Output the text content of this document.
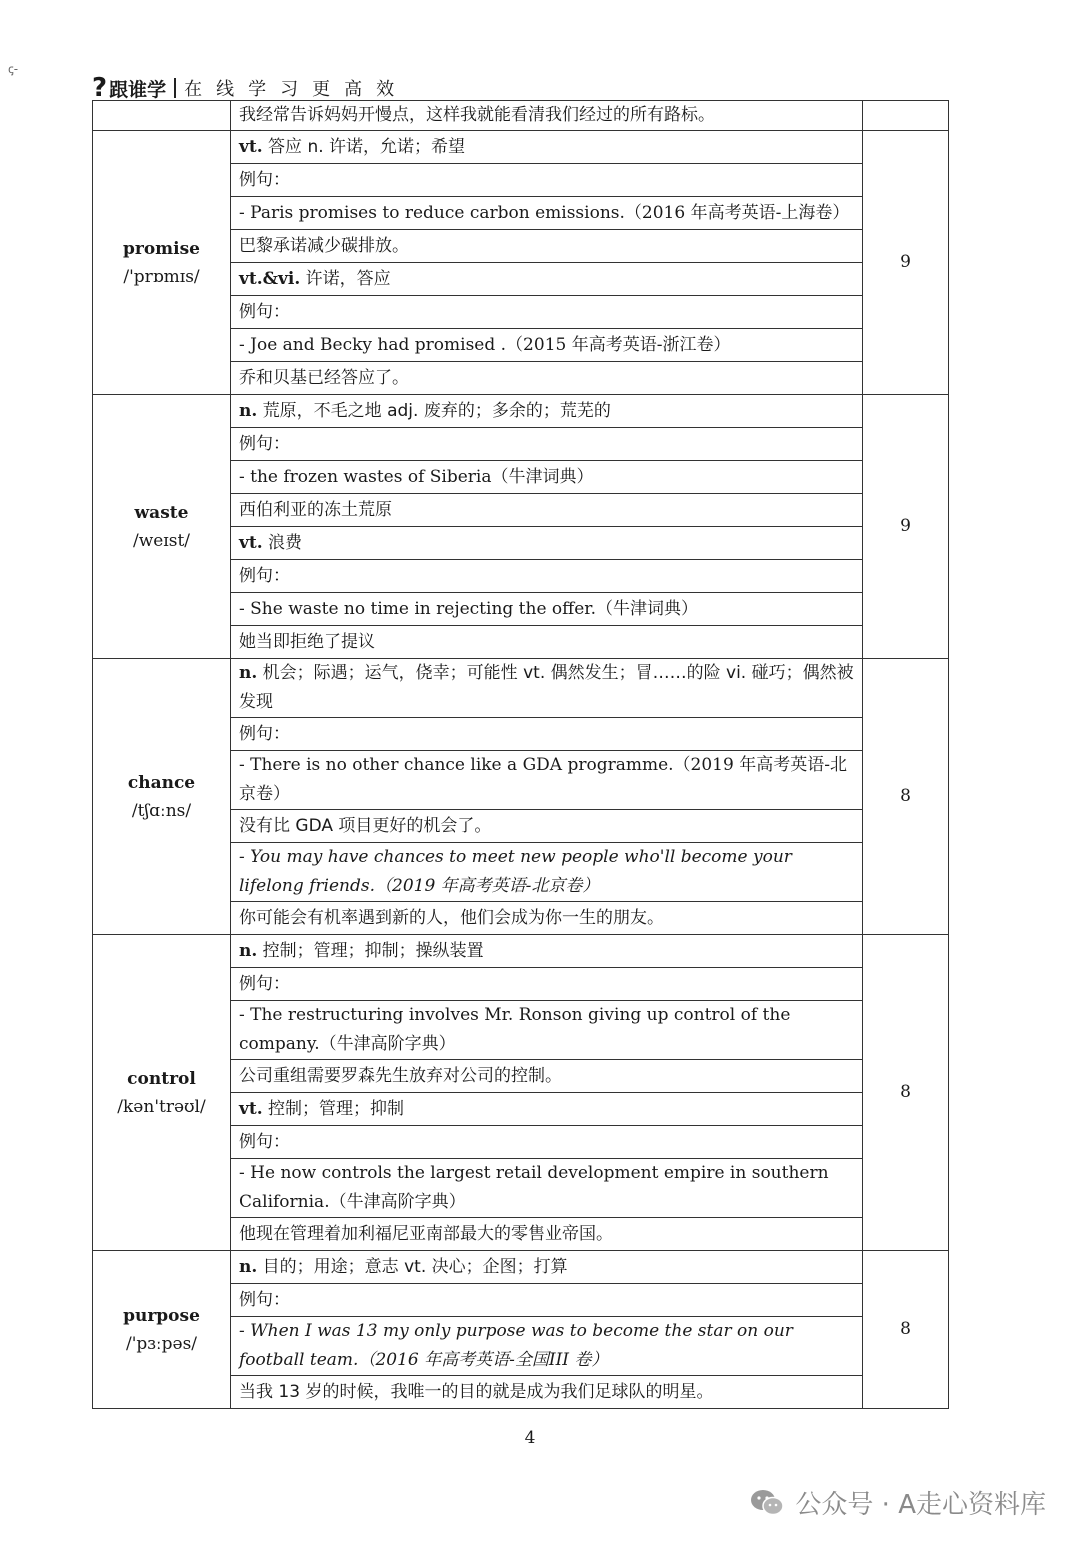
ꞔ-
? 跟谁学 在线学习更高效
	我经常告诉妈妈开慢点，这样我就能看清我们经过的所有路标。	

promise
/'prɒmɪs/	vt. 答应 n. 许诺，允诺；希望	9
	例句：	
	- Paris promises to reduce carbon emissions.（2016 年高考英语-上海卷）	
	巴黎承诺减少碳排放。	
	vt.&vi. 许诺，答应	
	例句：	
	- Joe and Becky had promised .（2015 年高考英语-浙江卷）	
	乔和贝基已经答应了。	

waste
/weɪst/	n. 荒原，不毛之地 adj. 废弃的；多余的；荒芜的	9
	例句：	
	- the frozen wastes of Siberia（牛津词典）	
	西伯利亚的冻土荒原	
	vt. 浪费	
	例句：	
	- She waste no time in rejecting the offer.（牛津词典）	
	她当即拒绝了提议	

chance
/tʃɑːns/	n. 机会；际遇；运气，侥幸；可能性 vt. 偶然发生；冒……的险 vi. 碰巧；偶然被发现	8
	例句：	
	- There is no other chance like a GDA programme.（2019 年高考英语-北京卷）	
	没有比 GDA 项目更好的机会了。	
	- You may have chances to meet new people who'll become your lifelong friends.（2019 年高考英语-北京卷）	
	你可能会有机率遇到新的人，他们会成为你一生的朋友。	

control
/kən'trəʊl/	n. 控制；管理；抑制；操纵装置	8
	例句：	
	- The restructuring involves Mr. Ronson giving up control of the company.（牛津高阶字典）	
	公司重组需要罗森先生放弃对公司的控制。	
	vt. 控制；管理；抑制	
	例句：	
	- He now controls the largest retail development empire in southern California.（牛津高阶字典）	
	他现在管理着加利福尼亚南部最大的零售业帝国。	

purpose
/'pɜːpəs/	n. 目的；用途；意志 vt. 决心；企图；打算	8
	例句：	
	- When I was 13 my only purpose was to become the star on our football team.（2016 年高考英语-全国III 卷）	
	当我 13 岁的时候，我唯一的目的就是成为我们足球队的明星。	
4
公众号 · A走心资料库
